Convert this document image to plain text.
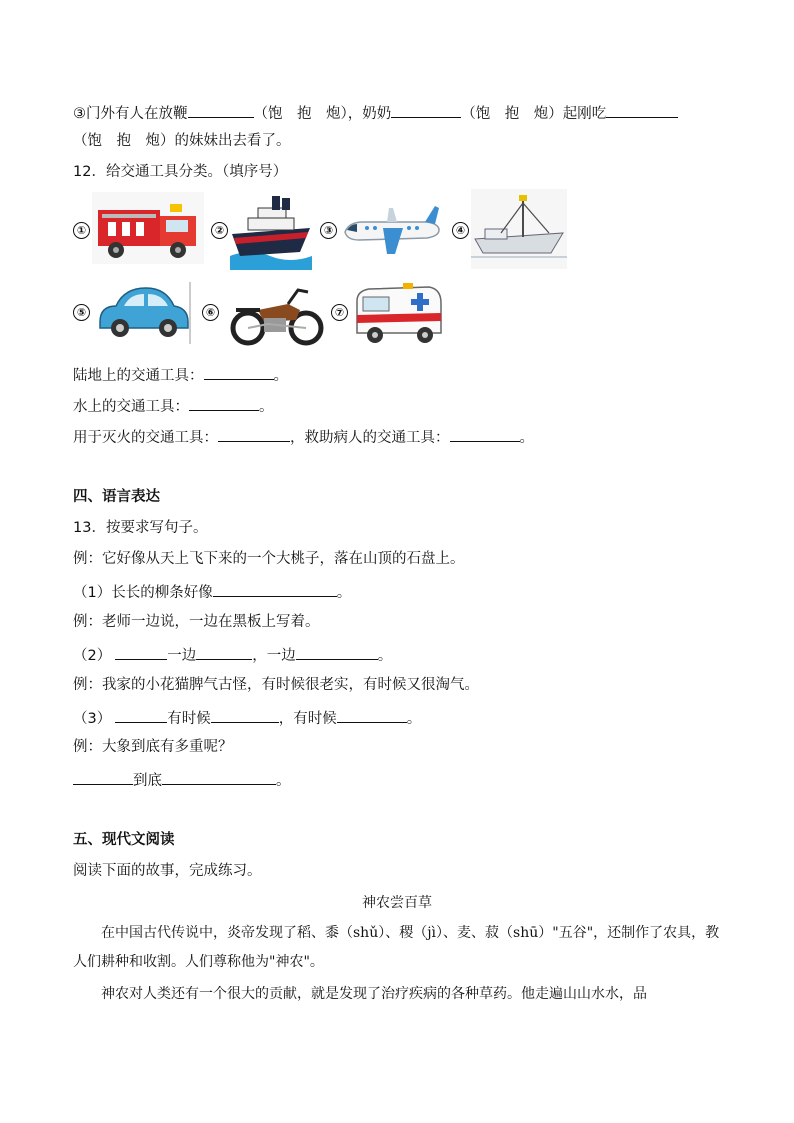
③门外有人在放鞭	（饱　抱　炮），奶奶	（饱　抱　炮）起刚吃
（饱　抱　炮）的妹妹出去看了。
12．给交通工具分类。（填序号）
①	②	③	④
⑤	⑥	⑦
陆地上的交通工具：	。
水上的交通工具：	。
用于灭火的交通工具：	，救助病人的交通工具：	。
四、语言表达
13．按要求写句子。
例：它好像从天上飞下来的一个大桃子，落在山顶的石盘上。
（1）长长的柳条好像	。
例：老师一边说，一边在黑板上写着。
（2）	一边	，一边	。
例：我家的小花猫脾气古怪，有时候很老实，有时候又很淘气。
（3）	有时候	，有时候	。
例：大象到底有多重呢？
到底	。
五、现代文阅读
阅读下面的故事，完成练习。
神农尝百草
在中国古代传说中，炎帝发现了稻、黍（shǔ）、稷（jì）、麦、菽（shū）"五谷"，还制作了农具，教人们耕种和收割。人们尊称他为"神农"。
神农对人类还有一个很大的贡献，就是发现了治疗疾病的各种草药。他走遍山山水水，品
